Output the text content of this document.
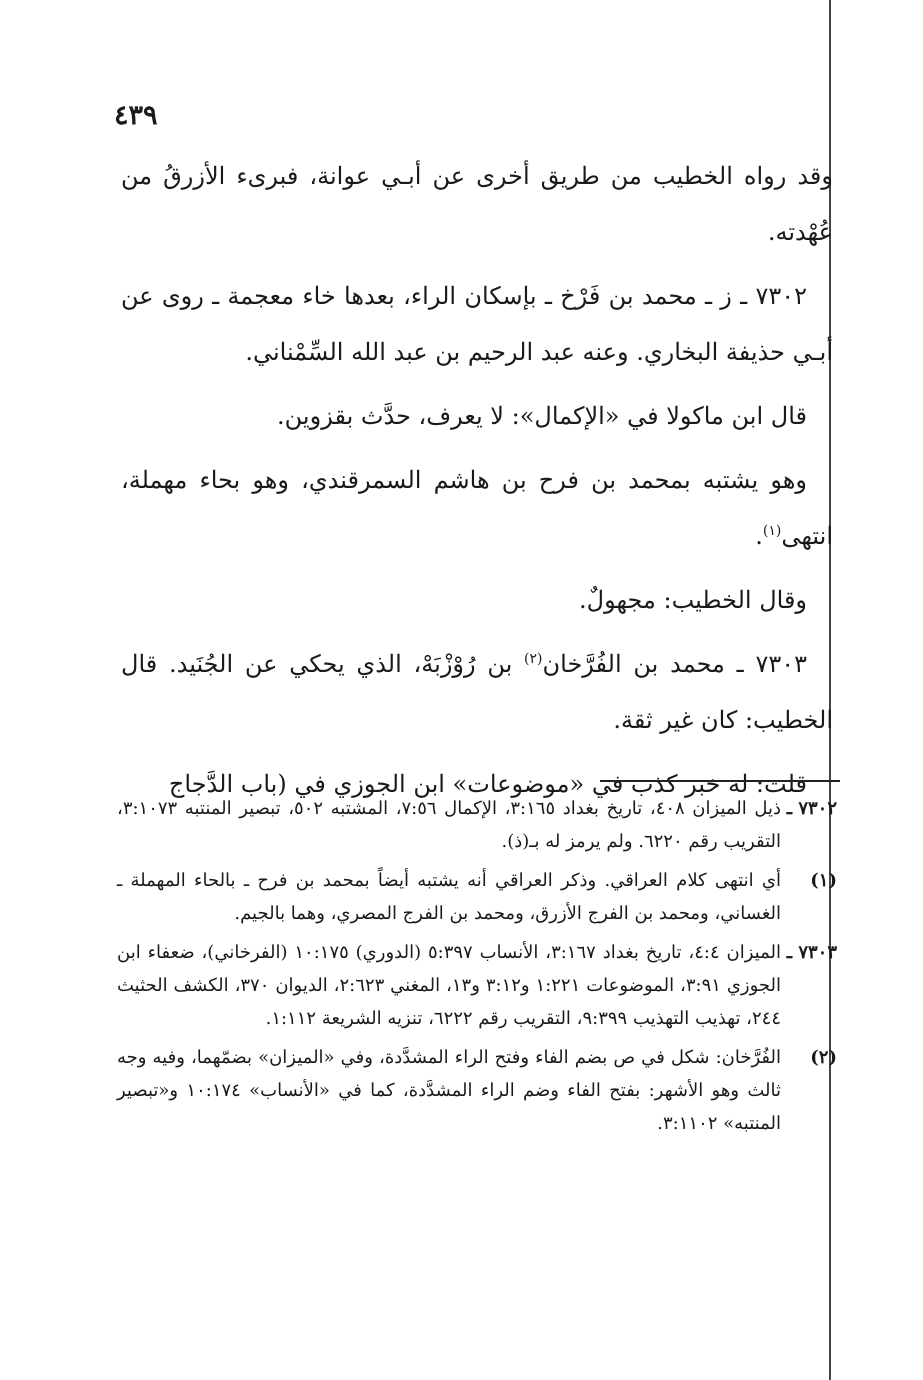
٤٣٩

وقد رواه الخطيب من طريق أخرى عن أبـي عوانة، فبرىء الأزرقُ من عُهْدته.

٧٣٠٢ ـ ز ـ محمد بن فَرْخ ـ بإسكان الراء، بعدها خاء معجمة ـ روى عن أبـي حذيفة البخاري. وعنه عبد الرحيم بن عبد الله السِّمْناني.

قال ابن ماكولا في «الإكمال»: لا يعرف، حدَّث بقزوين.

وهو يشتبه بمحمد بن فرح بن هاشم السمرقندي، وهو بحاء مهملة، انتهى$^{(١)}$.

وقال الخطيب: مجهولٌ.

٧٣٠٣ ـ محمد بن الفُرَّخان$^{(٢)}$ بن رُوْزْبَهْ، الذي يحكي عن الجُنَيد. قال الخطيب: كان غير ثقة.

قلت: له خبر كذب في «موضوعات» ابن الجوزي في (باب الدَّجاج

٧٣٠٢ ـ
ذيل الميزان ٤٠٨، تاريخ بغداد ٣:١٦٥، الإكمال ٧:٥٦، المشتبه ٥٠٢، تبصير المنتبه ٣:١٠٧٣، التقريب رقم ٦٢٢٠. ولم يرمز له بـ(ذ).
(١)
أي انتهى كلام العراقي. وذكر العراقي أنه يشتبه أيضاً بمحمد بن فرح ـ بالحاء المهملة ـ الغساني، ومحمد بن الفرج الأزرق، ومحمد بن الفرج المصري، وهما بالجيم.
٧٣٠٣ ـ
الميزان ٤:٤، تاريخ بغداد ٣:١٦٧، الأنساب ٥:٣٩٧ (الدوري) ١٠:١٧٥ (الفرخاني)، ضعفاء ابن الجوزي ٣:٩١، الموضوعات ١:٢٢١ و٣:١٢ و١٣، المغني ٢:٦٢٣، الديوان ٣٧٠، الكشف الحثيث ٢٤٤، تهذيب التهذيب ٩:٣٩٩، التقريب رقم ٦٢٢٢، تنزيه الشريعة ١:١١٢.
(٢)
الفُرَّخان: شكل في ص بضم الفاء وفتح الراء المشدَّدة، وفي «الميزان» بضمّهما، وفيه وجه ثالث وهو الأشهر: بفتح الفاء وضم الراء المشدَّدة، كما في «الأنساب» ١٠:١٧٤ و«تبصير المنتبه» ٣:١١٠٢.
